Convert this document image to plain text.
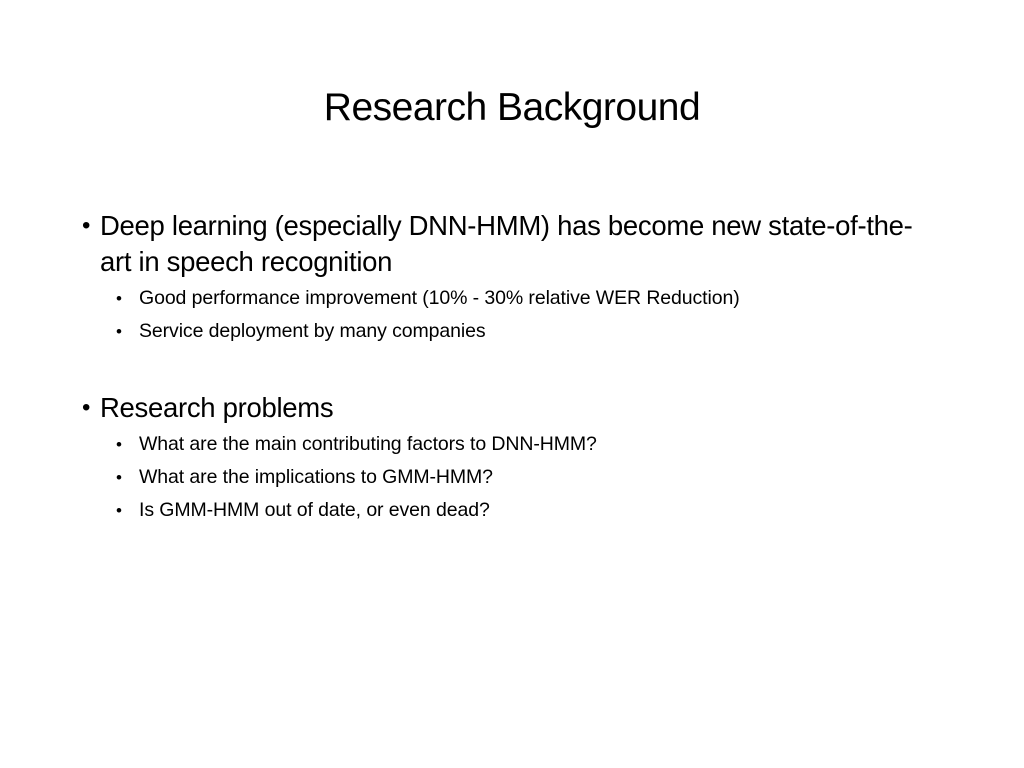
Research Background
• Deep learning (especially DNN-HMM) has become new state-of-the-art in speech recognition
• Good performance improvement (10% - 30% relative WER Reduction)
• Service deployment by many companies
• Research problems
• What are the main contributing factors to DNN-HMM?
• What are the implications to GMM-HMM?
• Is GMM-HMM out of date, or even dead?
